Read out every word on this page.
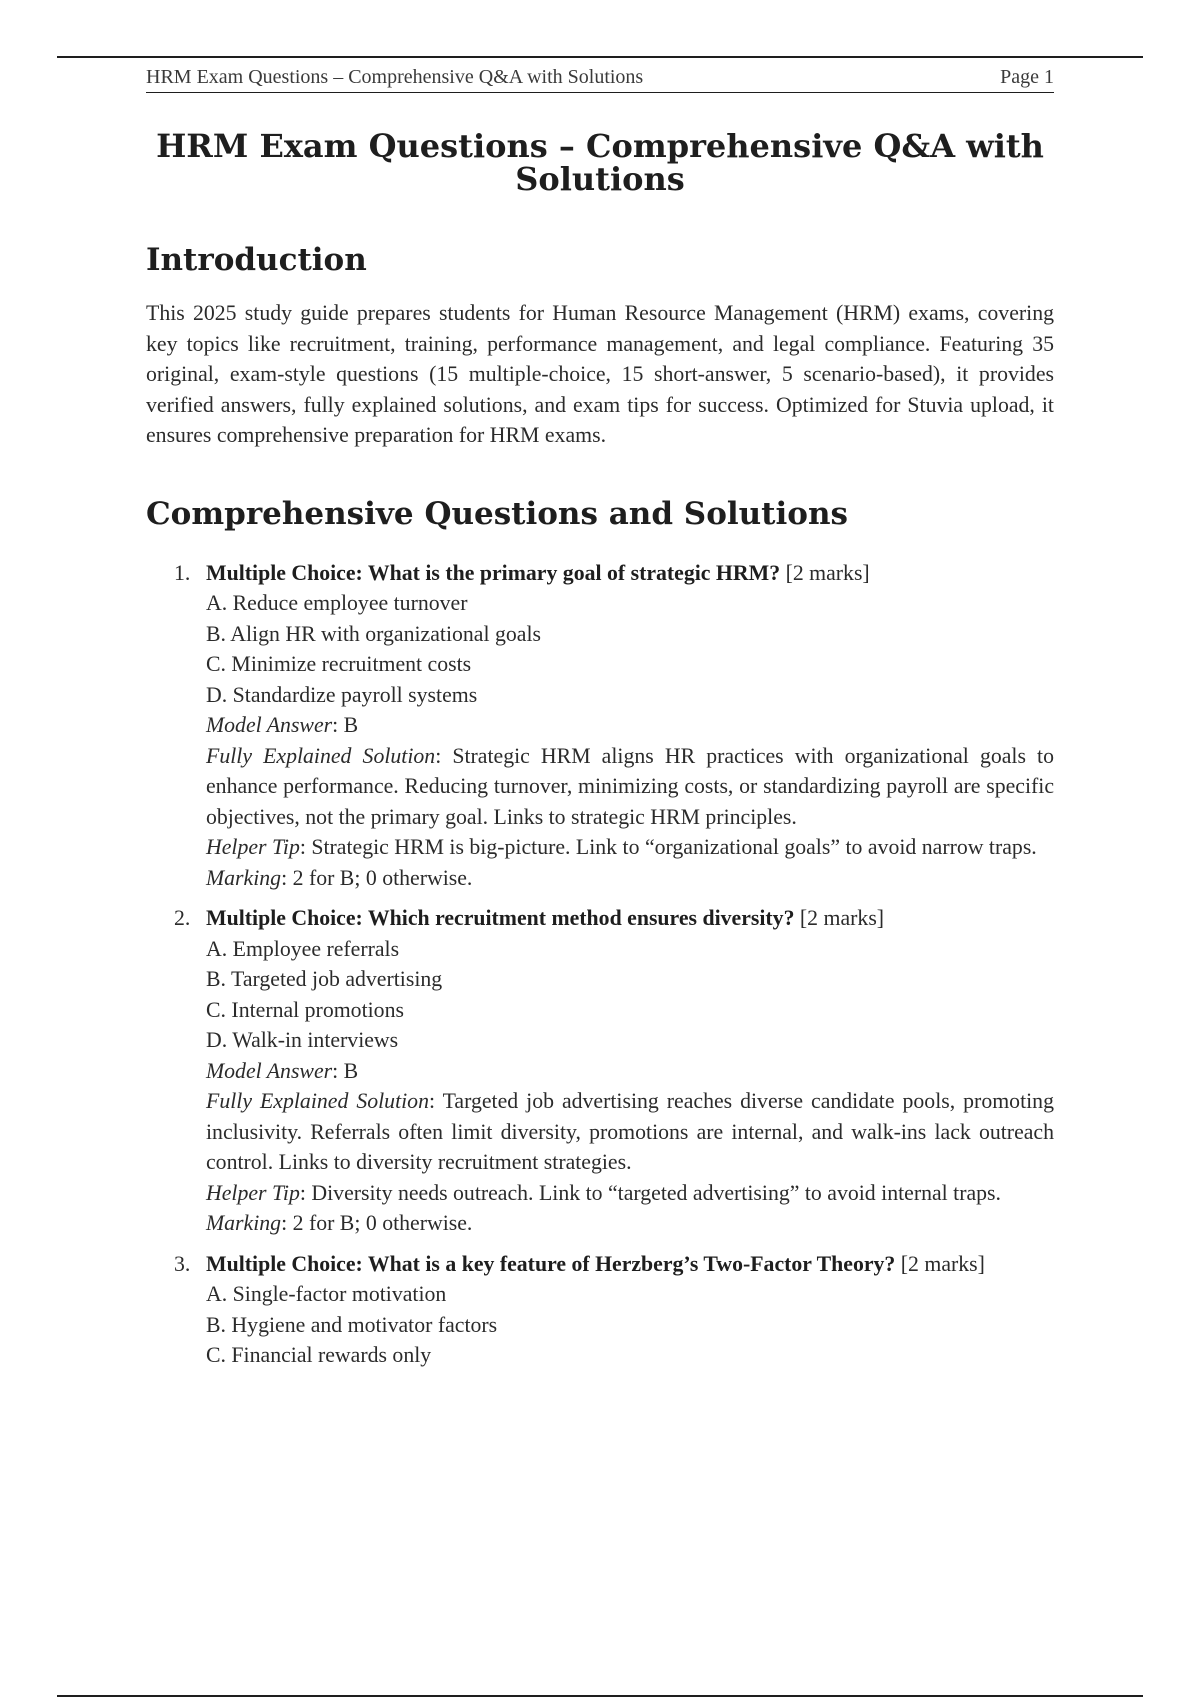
HRM Exam Questions – Comprehensive Q&A with Solutions	Page 1
HRM Exam Questions – Comprehensive Q&A with
Solutions
Introduction

This 2025 study guide prepares students for Human Resource Management (HRM) exams, covering key topics like recruitment, training, performance management, and legal compliance. Featuring 35 original, exam-style questions (15 multiple-choice, 15 short-answer, 5 scenario-based), it provides verified answers, fully explained solutions, and exam tips for success. Optimized for Stuvia upload, it ensures comprehensive preparation for HRM exams.

Comprehensive Questions and Solutions
1. Multiple Choice: What is the primary goal of strategic HRM? [2 marks]

A. Reduce employee turnover

B. Align HR with organizational goals

C. Minimize recruitment costs

D. Standardize payroll systems

Model Answer: B

Fully Explained Solution: Strategic HRM aligns HR practices with organizational goals to enhance performance. Reducing turnover, minimizing costs, or standardizing payroll are specific objectives, not the primary goal. Links to strategic HRM principles.

Helper Tip: Strategic HRM is big-picture. Link to “organizational goals” to avoid narrow traps.

Marking: 2 for B; 0 otherwise.

2. Multiple Choice: Which recruitment method ensures diversity? [2 marks]

A. Employee referrals

B. Targeted job advertising

C. Internal promotions

D. Walk-in interviews

Model Answer: B

Fully Explained Solution: Targeted job advertising reaches diverse candidate pools, promoting inclusivity. Referrals often limit diversity, promotions are internal, and walk-ins lack outreach control. Links to diversity recruitment strategies.

Helper Tip: Diversity needs outreach. Link to “targeted advertising” to avoid internal traps.

Marking: 2 for B; 0 otherwise.

3. Multiple Choice: What is a key feature of Herzberg’s Two-Factor Theory? [2 marks]

A. Single-factor motivation

B. Hygiene and motivator factors

C. Financial rewards only
